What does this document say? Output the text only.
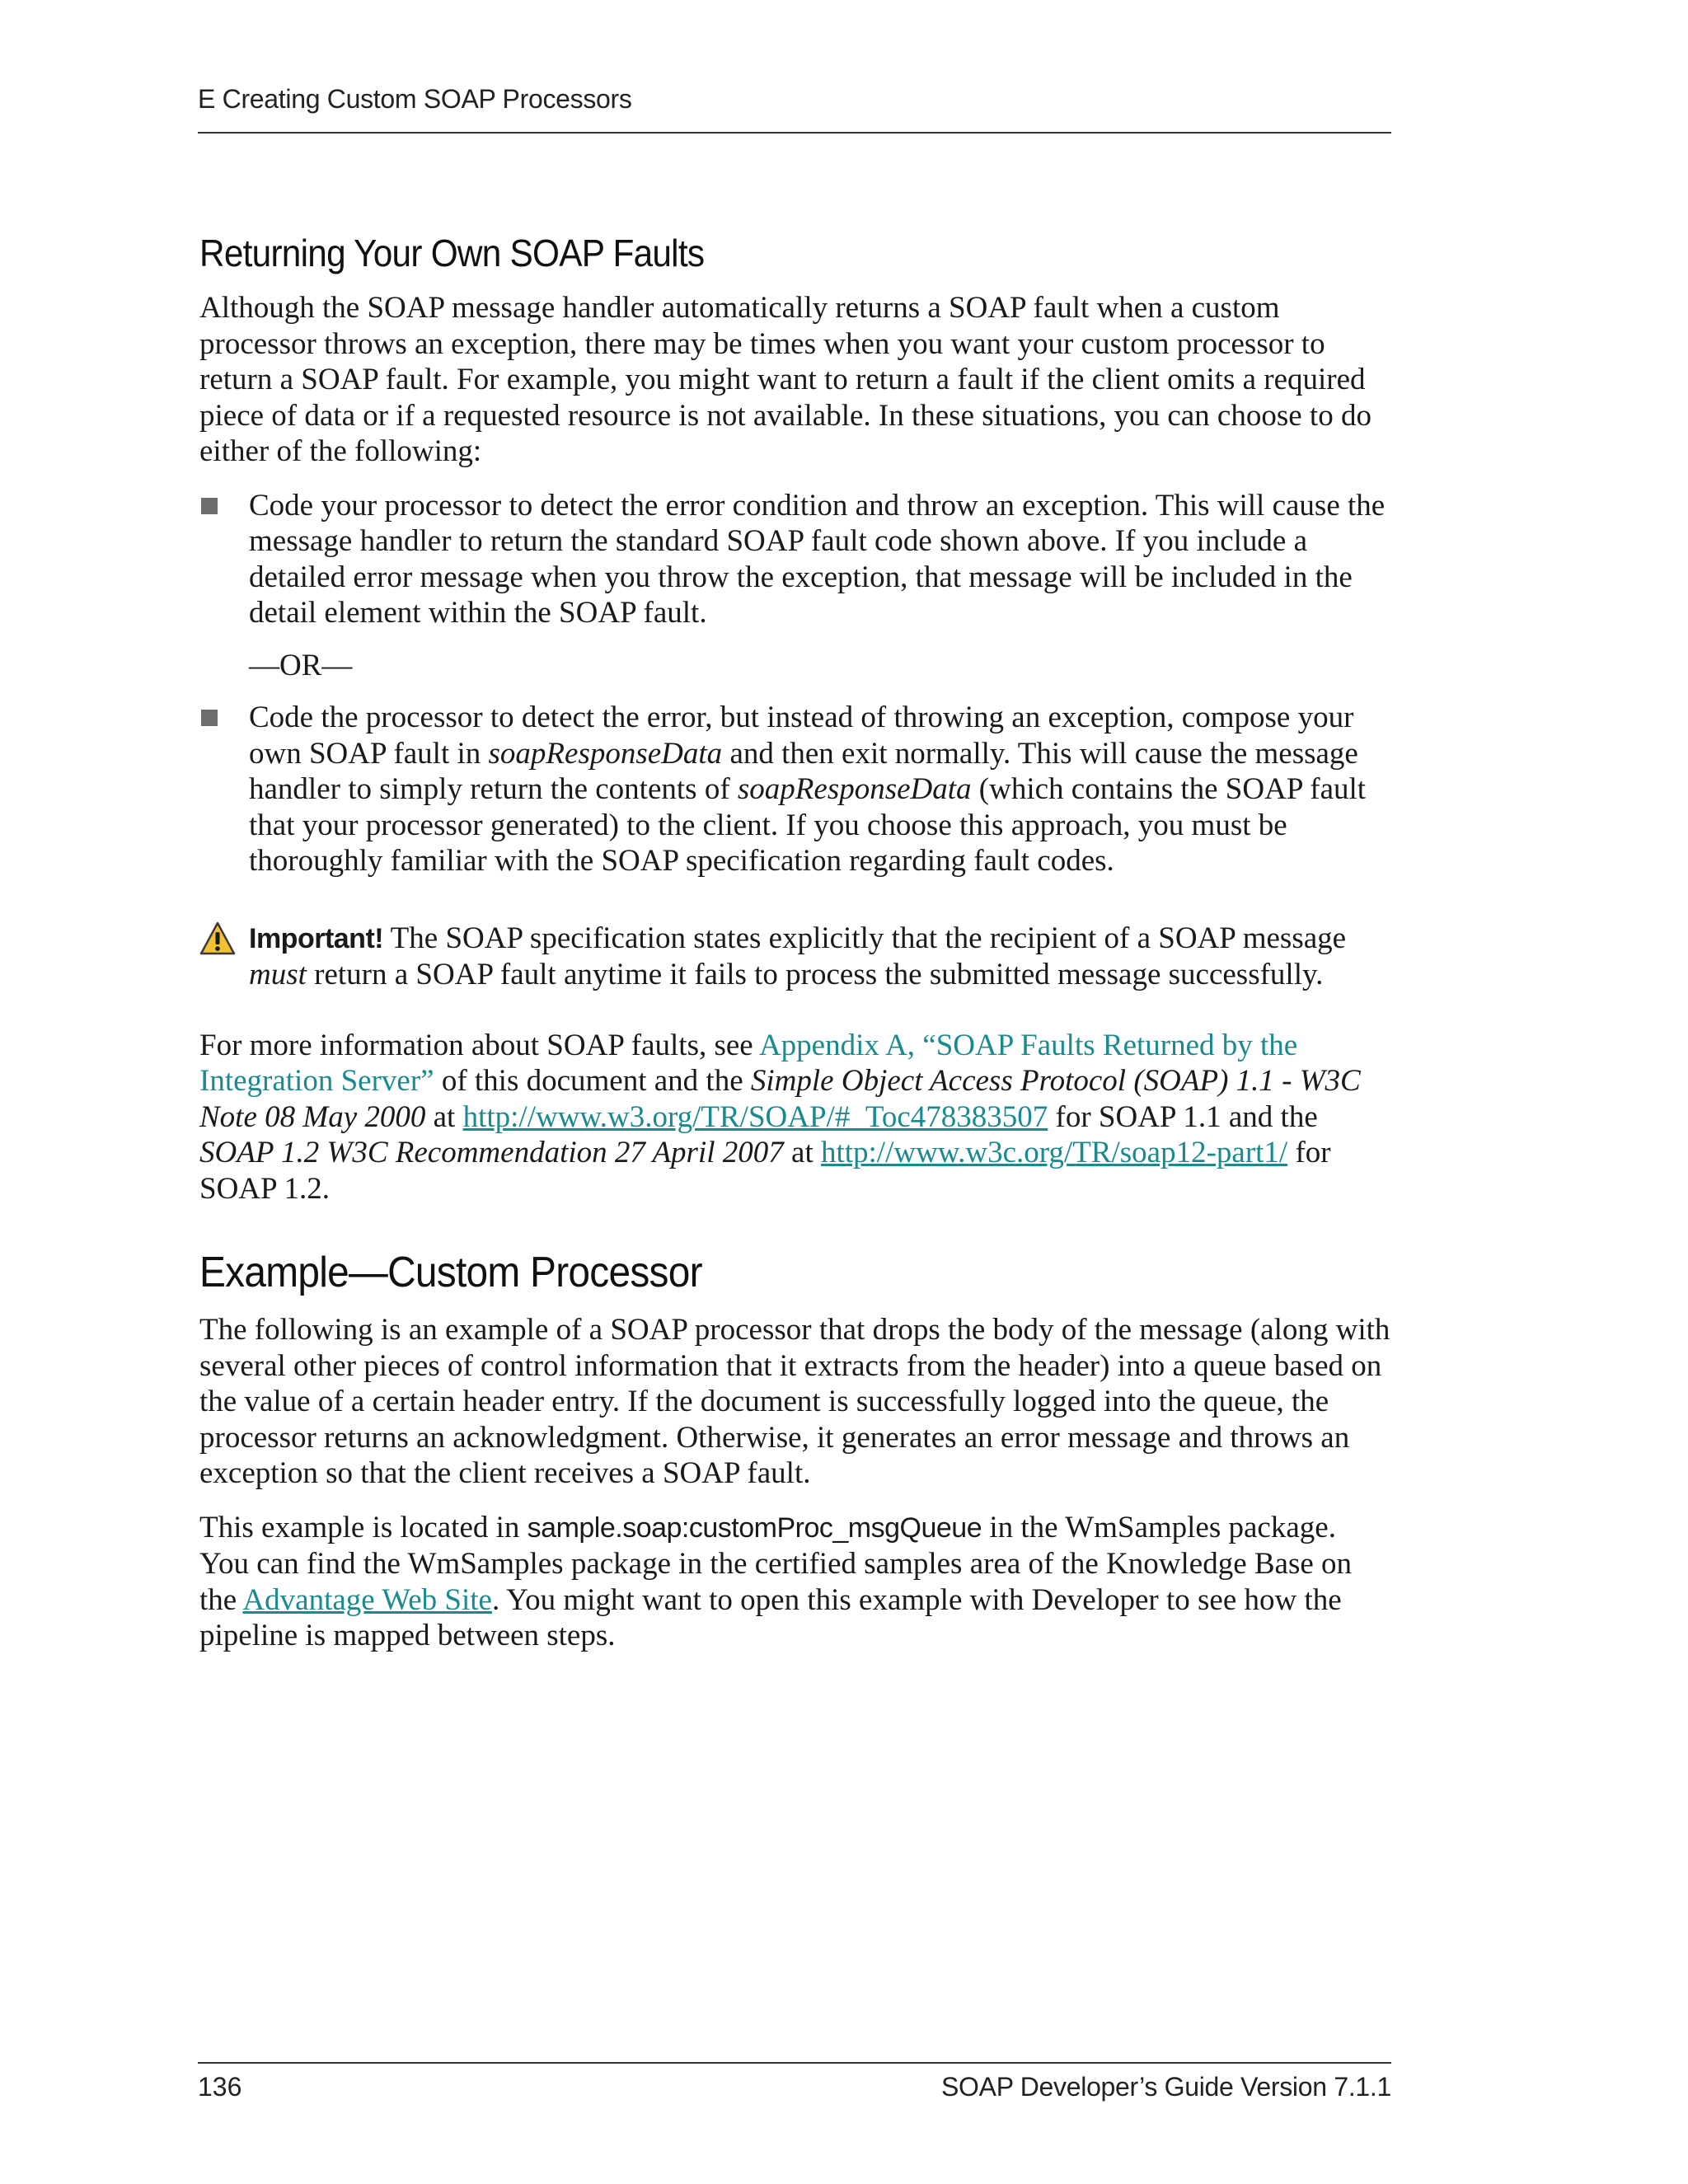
E Creating Custom SOAP Processors
Returning Your Own SOAP Faults

Although the SOAP message handler automatically returns a SOAP fault when a custom processor throws an exception, there may be times when you want your custom processor to return a SOAP fault. For example, you might want to return a fault if the client omits a required piece of data or if a requested resource is not available. In these situations, you can choose to do either of the following:

Code your processor to detect the error condition and throw an exception. This will cause the message handler to return the standard SOAP fault code shown above. If you include a detailed error message when you throw the exception, that message will be included in the detail element within the SOAP fault.
—OR—
Code the processor to detect the error, but instead of throwing an exception, compose your own SOAP fault in soapResponseData and then exit normally. This will cause the message handler to simply return the contents of soapResponseData (which contains the SOAP fault that your processor generated) to the client. If you choose this approach, you must be thoroughly familiar with the SOAP specification regarding fault codes.
Important! The SOAP specification states explicitly that the recipient of a SOAP message must return a SOAP fault anytime it fails to process the submitted message successfully.

For more information about SOAP faults, see Appendix A, “SOAP Faults Returned by the Integration Server” of this document and the Simple Object Access Protocol (SOAP) 1.1 - W3C Note 08 May 2000 at http://www.w3.org/TR/SOAP/#_Toc478383507 for SOAP 1.1 and the SOAP 1.2 W3C Recommendation 27 April 2007 at http://www.w3c.org/TR/soap12-part1/ for SOAP 1.2.

Example—Custom Processor

The following is an example of a SOAP processor that drops the body of the message (along with several other pieces of control information that it extracts from the header) into a queue based on the value of a certain header entry. If the document is successfully logged into the queue, the processor returns an acknowledgment. Otherwise, it generates an error message and throws an exception so that the client receives a SOAP fault.

This example is located in sample.soap:customProc_msgQueue in the WmSamples package. You can find the WmSamples package in the certified samples area of the Knowledge Base on the Advantage Web Site. You might want to open this example with Developer to see how the pipeline is mapped between steps.

136	SOAP Developer’s Guide Version 7.1.1
